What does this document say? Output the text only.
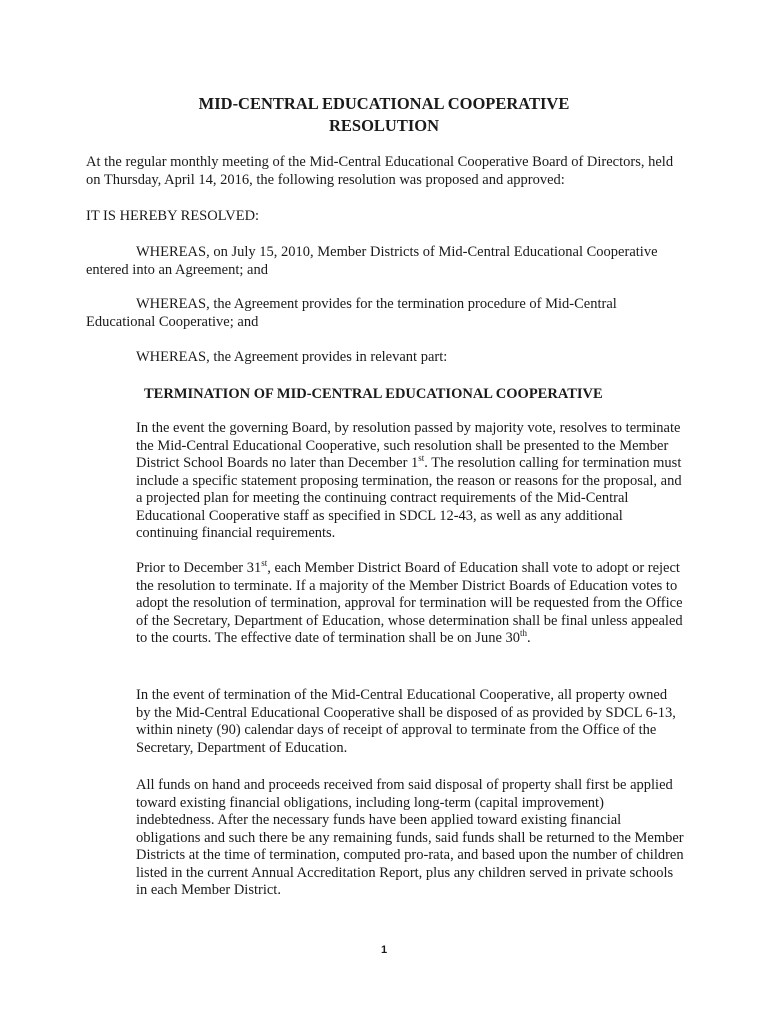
MID-CENTRAL EDUCATIONAL COOPERATIVE
RESOLUTION

At the regular monthly meeting of the Mid-Central Educational Cooperative Board of Directors, held on Thursday, April 14, 2016, the following resolution was proposed and approved:

IT IS HEREBY RESOLVED:

WHEREAS, on July 15, 2010, Member Districts of Mid-Central Educational Cooperative entered into an Agreement; and

WHEREAS, the Agreement provides for the termination procedure of Mid-Central Educational Cooperative; and

WHEREAS, the Agreement provides in relevant part:

TERMINATION OF MID-CENTRAL EDUCATIONAL COOPERATIVE

In the event the governing Board, by resolution passed by majority vote, resolves to terminate the Mid-Central Educational Cooperative, such resolution shall be presented to the Member District School Boards no later than December 1st. The resolution calling for termination must include a specific statement proposing termination, the reason or reasons for the proposal, and a projected plan for meeting the continuing contract requirements of the Mid-Central Educational Cooperative staff as specified in SDCL 12-43, as well as any additional continuing financial requirements.

Prior to December 31st, each Member District Board of Education shall vote to adopt or reject the resolution to terminate. If a majority of the Member District Boards of Education votes to adopt the resolution of termination, approval for termination will be requested from the Office of the Secretary, Department of Education, whose determination shall be final unless appealed to the courts. The effective date of termination shall be on June 30th.

In the event of termination of the Mid-Central Educational Cooperative, all property owned by the Mid-Central Educational Cooperative shall be disposed of as provided by SDCL 6-13, within ninety (90) calendar days of receipt of approval to terminate from the Office of the Secretary, Department of Education.

All funds on hand and proceeds received from said disposal of property shall first be applied toward existing financial obligations, including long-term (capital improvement) indebtedness. After the necessary funds have been applied toward existing financial obligations and such there be any remaining funds, said funds shall be returned to the Member Districts at the time of termination, computed pro-rata, and based upon the number of children listed in the current Annual Accreditation Report, plus any children served in private schools in each Member District.

1
